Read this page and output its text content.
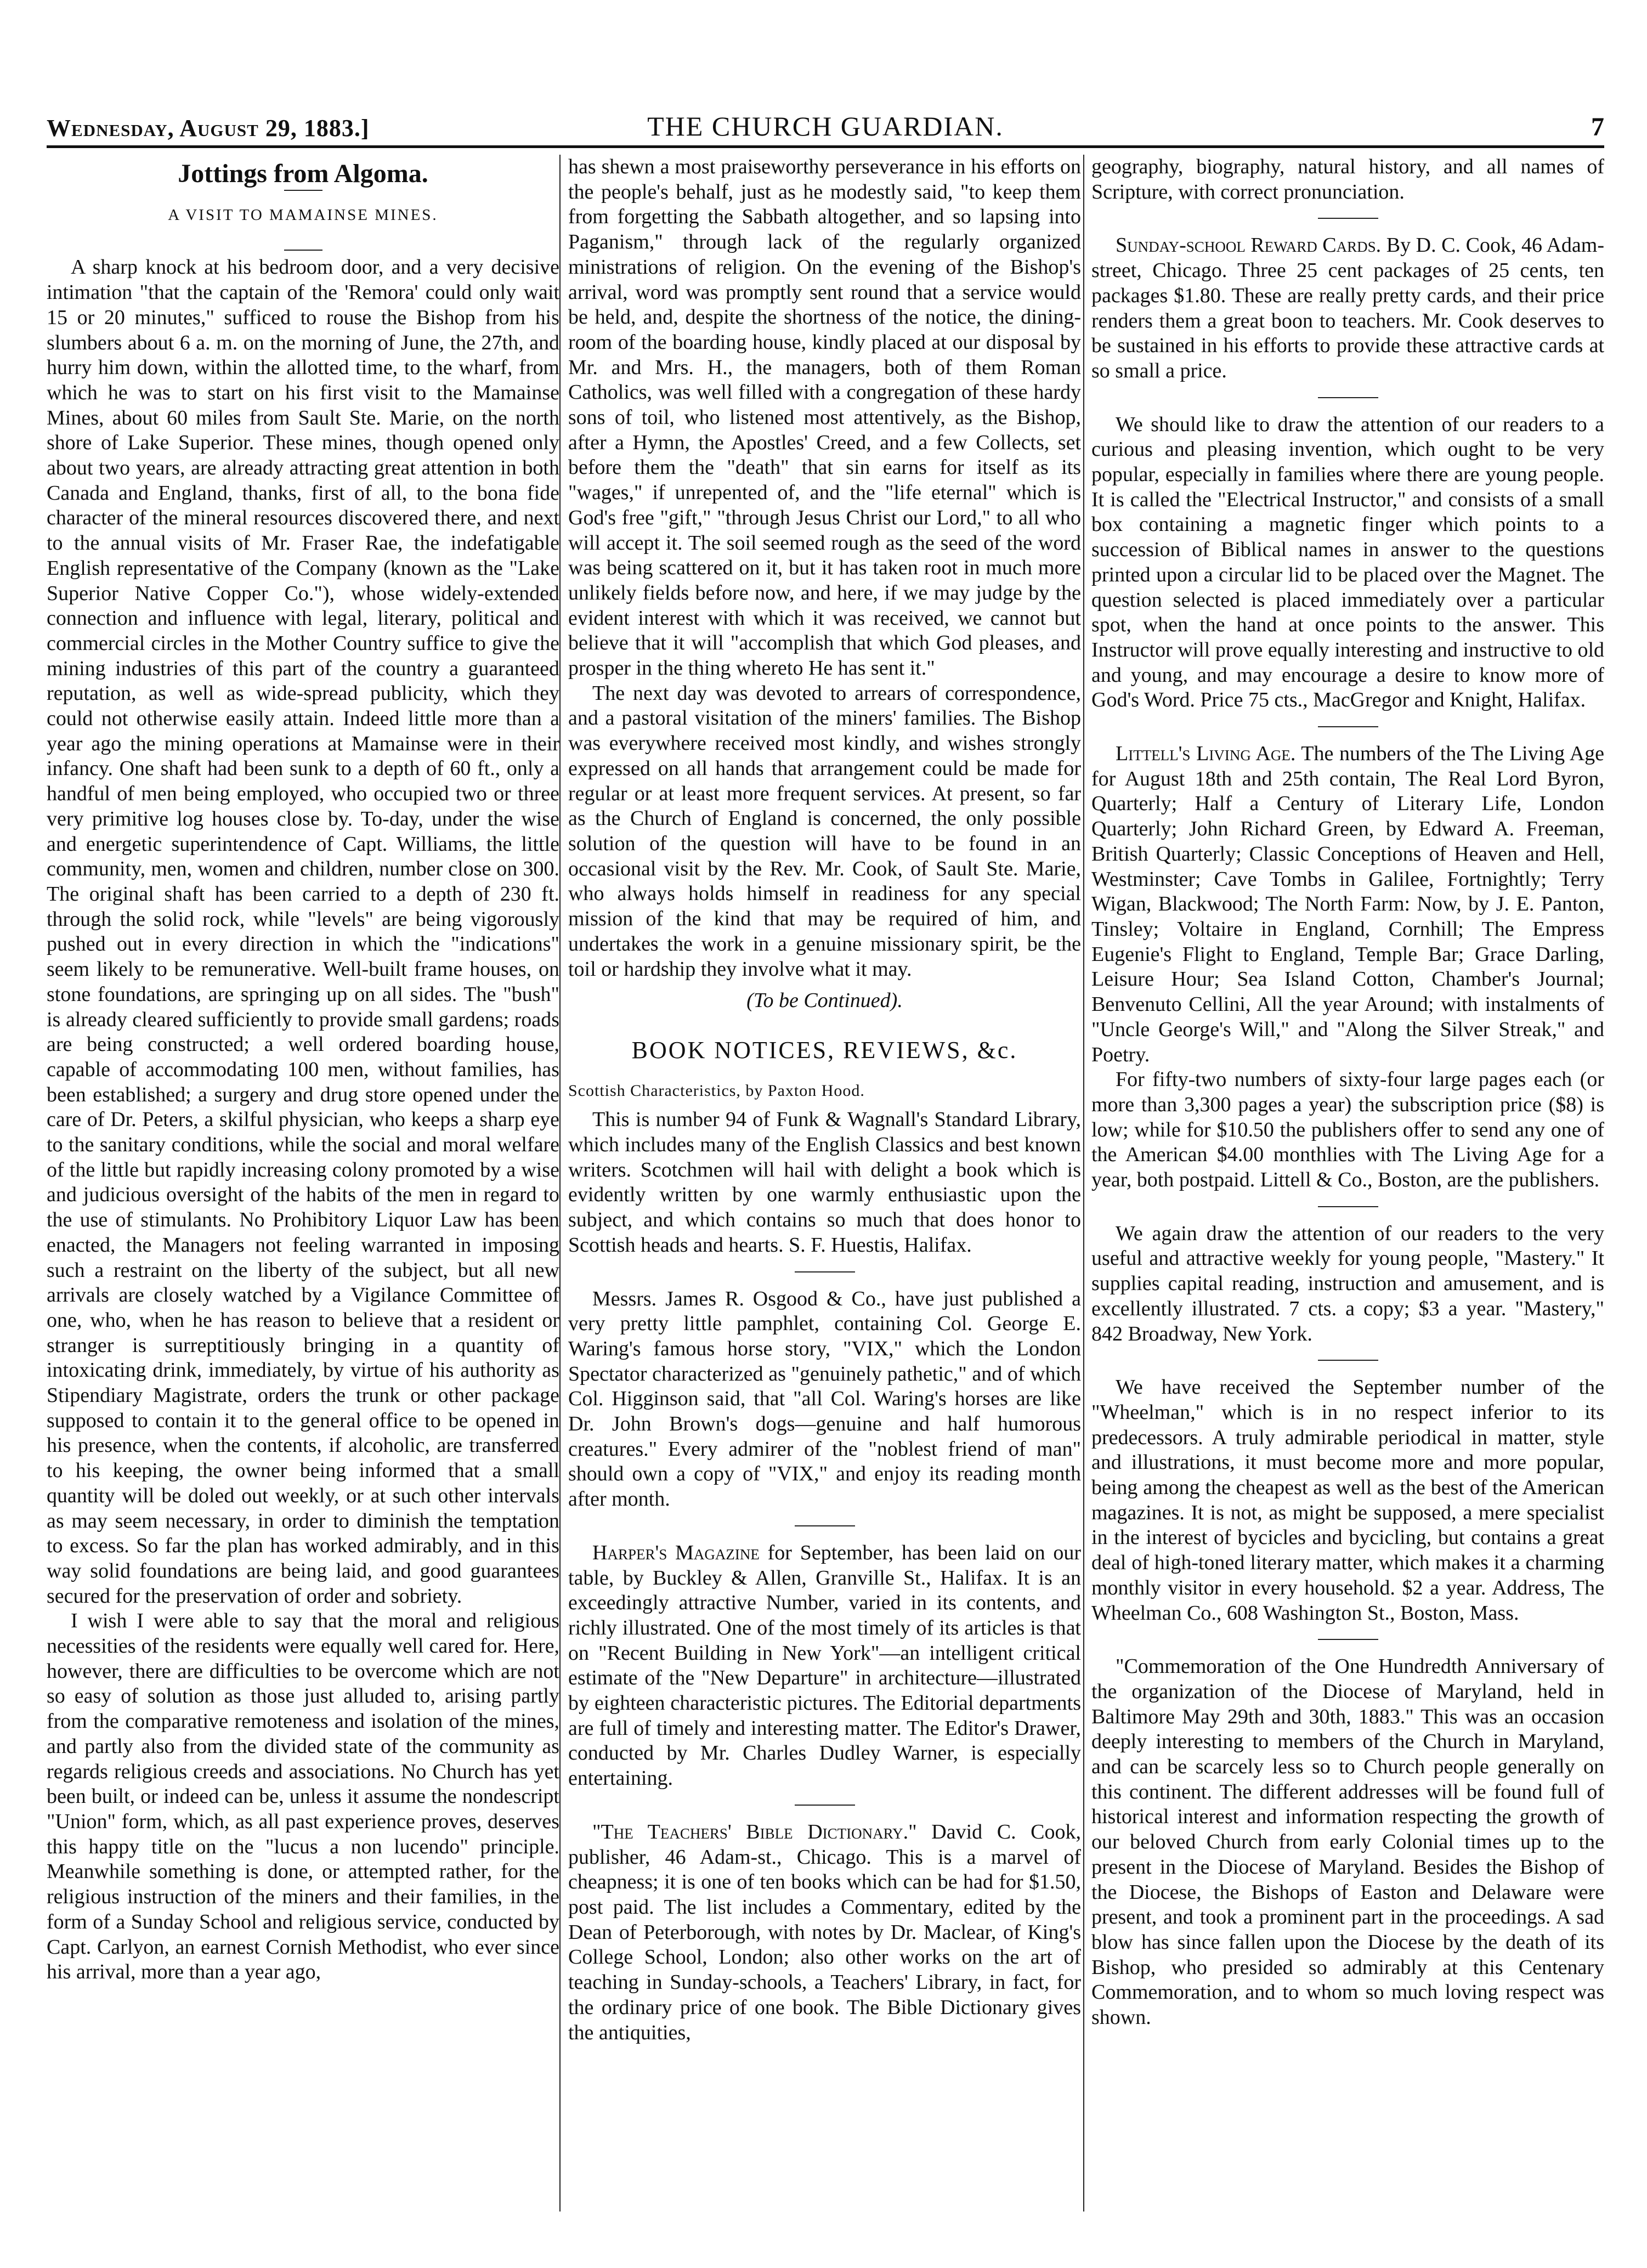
Wednesday, August 29, 1883.]	THE CHURCH GUARDIAN.	7
Jottings from Algoma.
A VISIT TO MAMAINSE MINES.

A sharp knock at his bedroom door, and a very decisive intimation "that the captain of the 'Remora' could only wait 15 or 20 minutes," sufficed to rouse the Bishop from his slumbers about 6 a. m. on the morning of June, the 27th, and hurry him down, within the allotted time, to the wharf, from which he was to start on his first visit to the Mamainse Mines, about 60 miles from Sault Ste. Marie, on the north shore of Lake Superior. These mines, though opened only about two years, are already attracting great attention in both Canada and England, thanks, first of all, to the bona fide character of the mineral resources discovered there, and next to the annual visits of Mr. Fraser Rae, the indefatigable English representative of the Company (known as the "Lake Superior Native Copper Co."), whose widely-extended connection and influence with legal, literary, political and commercial circles in the Mother Country suffice to give the mining industries of this part of the country a guaranteed reputation, as well as wide-spread publicity, which they could not otherwise easily attain. Indeed little more than a year ago the mining operations at Mamainse were in their infancy. One shaft had been sunk to a depth of 60 ft., only a handful of men being employed, who occupied two or three very primitive log houses close by. To-day, under the wise and energetic superintendence of Capt. Williams, the little community, men, women and children, number close on 300. The original shaft has been carried to a depth of 230 ft. through the solid rock, while "levels" are being vigorously pushed out in every direction in which the "indications" seem likely to be remunerative. Well-built frame houses, on stone foundations, are springing up on all sides. The "bush" is already cleared sufficiently to provide small gardens; roads are being constructed; a well ordered boarding house, capable of accommodating 100 men, without families, has been established; a surgery and drug store opened under the care of Dr. Peters, a skilful physician, who keeps a sharp eye to the sanitary conditions, while the social and moral welfare of the little but rapidly increasing colony promoted by a wise and judicious oversight of the habits of the men in regard to the use of stimulants. No Prohibitory Liquor Law has been enacted, the Managers not feeling warranted in imposing such a restraint on the liberty of the subject, but all new arrivals are closely watched by a Vigilance Committee of one, who, when he has reason to believe that a resident or stranger is surreptitiously bringing in a quantity of intoxicating drink, immediately, by virtue of his authority as Stipendiary Magistrate, orders the trunk or other package supposed to contain it to the general office to be opened in his presence, when the contents, if alcoholic, are transferred to his keeping, the owner being informed that a small quantity will be doled out weekly, or at such other intervals as may seem necessary, in order to diminish the temptation to excess. So far the plan has worked admirably, and in this way solid foundations are being laid, and good guarantees secured for the preservation of order and sobriety.

I wish I were able to say that the moral and religious necessities of the residents were equally well cared for. Here, however, there are difficulties to be overcome which are not so easy of solution as those just alluded to, arising partly from the comparative remoteness and isolation of the mines, and partly also from the divided state of the community as regards religious creeds and associations. No Church has yet been built, or indeed can be, unless it assume the nondescript "Union" form, which, as all past experience proves, deserves this happy title on the "lucus a non lucendo" principle. Meanwhile something is done, or attempted rather, for the religious instruction of the miners and their families, in the form of a Sunday School and religious service, conducted by Capt. Carlyon, an earnest Cornish Methodist, who ever since his arrival, more than a year ago,

has shewn a most praiseworthy perseverance in his efforts on the people's behalf, just as he modestly said, "to keep them from forgetting the Sabbath altogether, and so lapsing into Paganism," through lack of the regularly organized ministrations of religion. On the evening of the Bishop's arrival, word was promptly sent round that a service would be held, and, despite the shortness of the notice, the dining-room of the boarding house, kindly placed at our disposal by Mr. and Mrs. H., the managers, both of them Roman Catholics, was well filled with a congregation of these hardy sons of toil, who listened most attentively, as the Bishop, after a Hymn, the Apostles' Creed, and a few Collects, set before them the "death" that sin earns for itself as its "wages," if unrepented of, and the "life eternal" which is God's free "gift," "through Jesus Christ our Lord," to all who will accept it. The soil seemed rough as the seed of the word was being scattered on it, but it has taken root in much more unlikely fields before now, and here, if we may judge by the evident interest with which it was received, we cannot but believe that it will "accomplish that which God pleases, and prosper in the thing whereto He has sent it."

The next day was devoted to arrears of correspondence, and a pastoral visitation of the miners' families. The Bishop was everywhere received most kindly, and wishes strongly expressed on all hands that arrangement could be made for regular or at least more frequent services. At present, so far as the Church of England is concerned, the only possible solution of the question will have to be found in an occasional visit by the Rev. Mr. Cook, of Sault Ste. Marie, who always holds himself in readiness for any special mission of the kind that may be required of him, and undertakes the work in a genuine missionary spirit, be the toil or hardship they involve what it may.

(To be Continued).
BOOK NOTICES, REVIEWS, &c.

Scottish Characteristics, by Paxton Hood.

This is number 94 of Funk & Wagnall's Standard Library, which includes many of the English Classics and best known writers. Scotchmen will hail with delight a book which is evidently written by one warmly enthusiastic upon the subject, and which contains so much that does honor to Scottish heads and hearts. S. F. Huestis, Halifax.

Messrs. James R. Osgood & Co., have just published a very pretty little pamphlet, containing Col. George E. Waring's famous horse story, "VIX," which the London Spectator characterized as "genuinely pathetic," and of which Col. Higginson said, that "all Col. Waring's horses are like Dr. John Brown's dogs—genuine and half humorous creatures." Every admirer of the "noblest friend of man" should own a copy of "VIX," and enjoy its reading month after month.

Harper's Magazine for September, has been laid on our table, by Buckley & Allen, Granville St., Halifax. It is an exceedingly attractive Number, varied in its contents, and richly illustrated. One of the most timely of its articles is that on "Recent Building in New York"—an intelligent critical estimate of the "New Departure" in architecture—illustrated by eighteen characteristic pictures. The Editorial departments are full of timely and interesting matter. The Editor's Drawer, conducted by Mr. Charles Dudley Warner, is especially entertaining.

"The Teachers' Bible Dictionary." David C. Cook, publisher, 46 Adam-st., Chicago. This is a marvel of cheapness; it is one of ten books which can be had for $1.50, post paid. The list includes a Commentary, edited by the Dean of Peterborough, with notes by Dr. Maclear, of King's College School, London; also other works on the art of teaching in Sunday-schools, a Teachers' Library, in fact, for the ordinary price of one book. The Bible Dictionary gives the antiquities,

geography, biography, natural history, and all names of Scripture, with correct pronunciation.

Sunday-school Reward Cards. By D. C. Cook, 46 Adam-street, Chicago. Three 25 cent packages of 25 cents, ten packages $1.80. These are really pretty cards, and their price renders them a great boon to teachers. Mr. Cook deserves to be sustained in his efforts to provide these attractive cards at so small a price.

We should like to draw the attention of our readers to a curious and pleasing invention, which ought to be very popular, especially in families where there are young people. It is called the "Electrical Instructor," and consists of a small box containing a magnetic finger which points to a succession of Biblical names in answer to the questions printed upon a circular lid to be placed over the Magnet. The question selected is placed immediately over a particular spot, when the hand at once points to the answer. This Instructor will prove equally interesting and instructive to old and young, and may encourage a desire to know more of God's Word. Price 75 cts., MacGregor and Knight, Halifax.

Littell's Living Age. The numbers of the The Living Age for August 18th and 25th contain, The Real Lord Byron, Quarterly; Half a Century of Literary Life, London Quarterly; John Richard Green, by Edward A. Freeman, British Quarterly; Classic Conceptions of Heaven and Hell, Westminster; Cave Tombs in Galilee, Fortnightly; Terry Wigan, Blackwood; The North Farm: Now, by J. E. Panton, Tinsley; Voltaire in England, Cornhill; The Empress Eugenie's Flight to England, Temple Bar; Grace Darling, Leisure Hour; Sea Island Cotton, Chamber's Journal; Benvenuto Cellini, All the year Around; with instalments of "Uncle George's Will," and "Along the Silver Streak," and Poetry.

For fifty-two numbers of sixty-four large pages each (or more than 3,300 pages a year) the subscription price ($8) is low; while for $10.50 the publishers offer to send any one of the American $4.00 monthlies with The Living Age for a year, both postpaid. Littell & Co., Boston, are the publishers.

We again draw the attention of our readers to the very useful and attractive weekly for young people, "Mastery." It supplies capital reading, instruction and amusement, and is excellently illustrated. 7 cts. a copy; $3 a year. "Mastery," 842 Broadway, New York.

We have received the September number of the "Wheelman," which is in no respect inferior to its predecessors. A truly admirable periodical in matter, style and illustrations, it must become more and more popular, being among the cheapest as well as the best of the American magazines. It is not, as might be supposed, a mere specialist in the interest of bycicles and bycicling, but contains a great deal of high-toned literary matter, which makes it a charming monthly visitor in every household. $2 a year. Address, The Wheelman Co., 608 Washington St., Boston, Mass.

"Commemoration of the One Hundredth Anniversary of the organization of the Diocese of Maryland, held in Baltimore May 29th and 30th, 1883." This was an occasion deeply interesting to members of the Church in Maryland, and can be scarcely less so to Church people generally on this continent. The different addresses will be found full of historical interest and information respecting the growth of our beloved Church from early Colonial times up to the present in the Diocese of Maryland. Besides the Bishop of the Diocese, the Bishops of Easton and Delaware were present, and took a prominent part in the proceedings. A sad blow has since fallen upon the Diocese by the death of its Bishop, who presided so admirably at this Centenary Commemoration, and to whom so much loving respect was shown.
